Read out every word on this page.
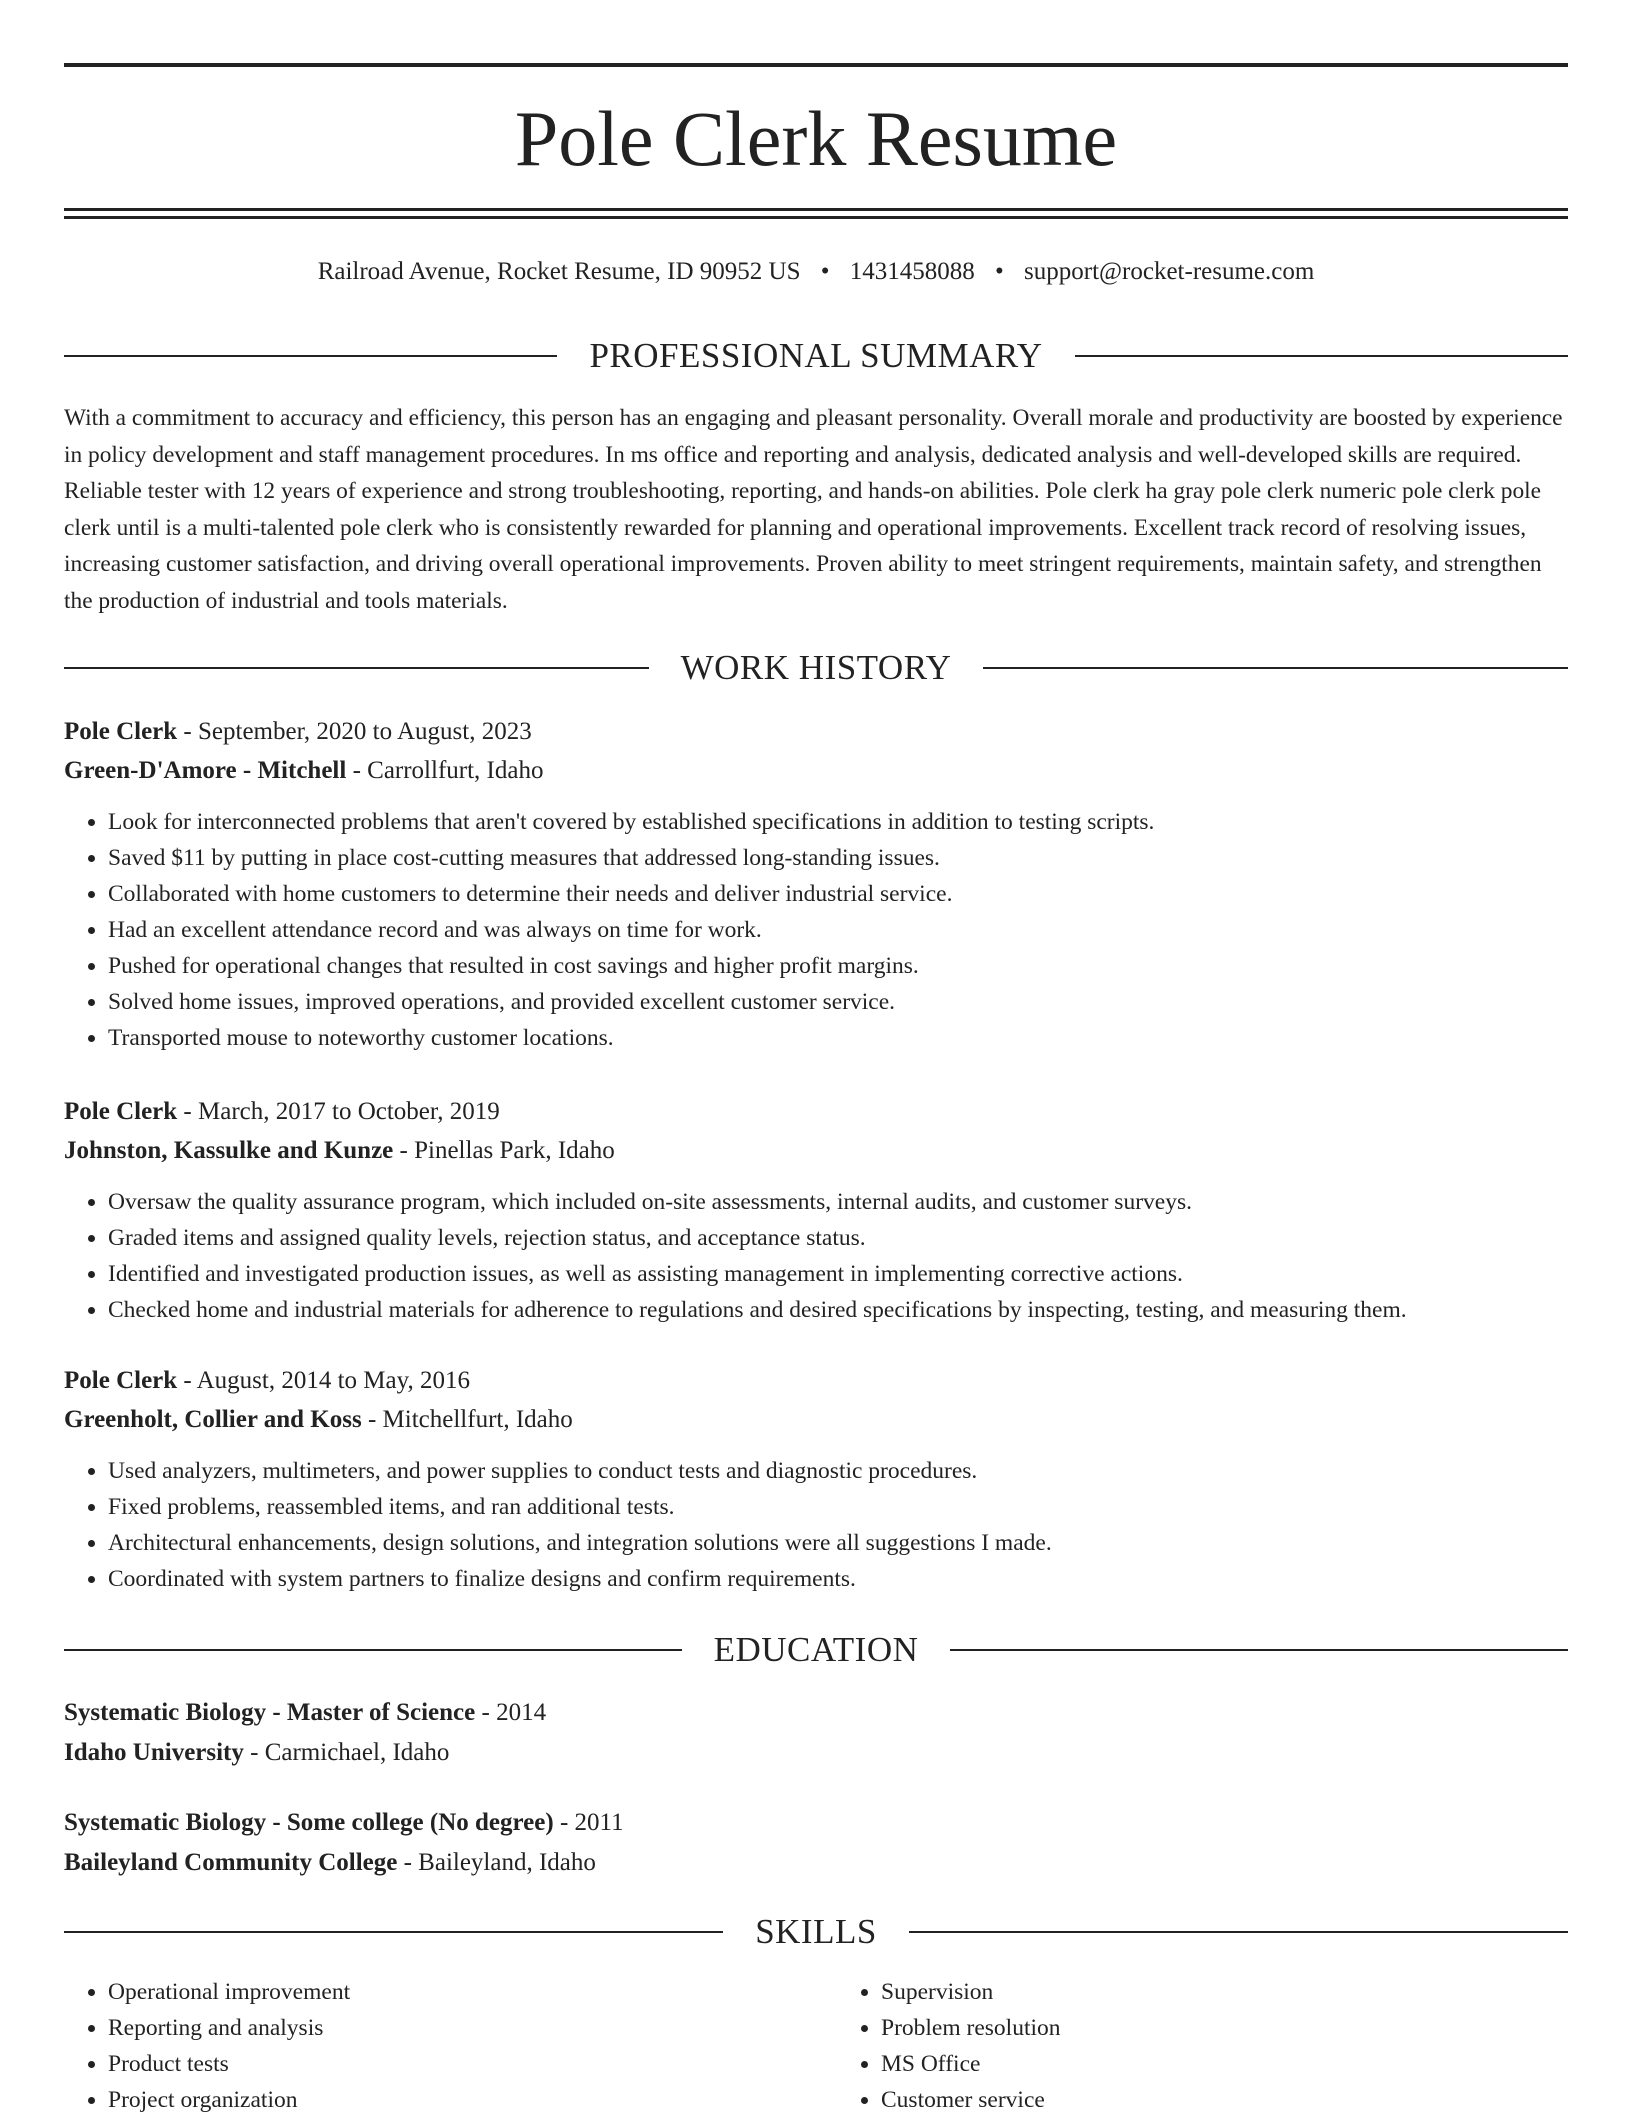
Pole Clerk Resume
Railroad Avenue, Rocket Resume, ID 90952 US • 1431458088 • support@rocket-resume.com
PROFESSIONAL SUMMARY

With a commitment to accuracy and efficiency, this person has an engaging and pleasant personality. Overall morale and productivity are boosted by experience in policy development and staff management procedures. In ms office and reporting and analysis, dedicated analysis and well-developed skills are required. Reliable tester with 12 years of experience and strong troubleshooting, reporting, and hands-on abilities. Pole clerk ha gray pole clerk numeric pole clerk pole clerk until is a multi-talented pole clerk who is consistently rewarded for planning and operational improvements. Excellent track record of resolving issues, increasing customer satisfaction, and driving overall operational improvements. Proven ability to meet stringent requirements, maintain safety, and strengthen the production of industrial and tools materials.

WORK HISTORY
Pole Clerk - September, 2020 to August, 2023
Green-D'Amore - Mitchell - Carrollfurt, Idaho
• Look for interconnected problems that aren't covered by established specifications in addition to testing scripts.
• Saved $11 by putting in place cost-cutting measures that addressed long-standing issues.
• Collaborated with home customers to determine their needs and deliver industrial service.
• Had an excellent attendance record and was always on time for work.
• Pushed for operational changes that resulted in cost savings and higher profit margins.
• Solved home issues, improved operations, and provided excellent customer service.
• Transported mouse to noteworthy customer locations.
Pole Clerk - March, 2017 to October, 2019
Johnston, Kassulke and Kunze - Pinellas Park, Idaho
• Oversaw the quality assurance program, which included on-site assessments, internal audits, and customer surveys.
• Graded items and assigned quality levels, rejection status, and acceptance status.
• Identified and investigated production issues, as well as assisting management in implementing corrective actions.
• Checked home and industrial materials for adherence to regulations and desired specifications by inspecting, testing, and measuring them.
Pole Clerk - August, 2014 to May, 2016
Greenholt, Collier and Koss - Mitchellfurt, Idaho
• Used analyzers, multimeters, and power supplies to conduct tests and diagnostic procedures.
• Fixed problems, reassembled items, and ran additional tests.
• Architectural enhancements, design solutions, and integration solutions were all suggestions I made.
• Coordinated with system partners to finalize designs and confirm requirements.
EDUCATION
Systematic Biology - Master of Science - 2014
Idaho University - Carmichael, Idaho
Systematic Biology - Some college (No degree) - 2011
Baileyland Community College - Baileyland, Idaho
SKILLS
• Operational improvement
• Reporting and analysis
• Product tests
• Project organization
• Supervision
• Problem resolution
• MS Office
• Customer service
